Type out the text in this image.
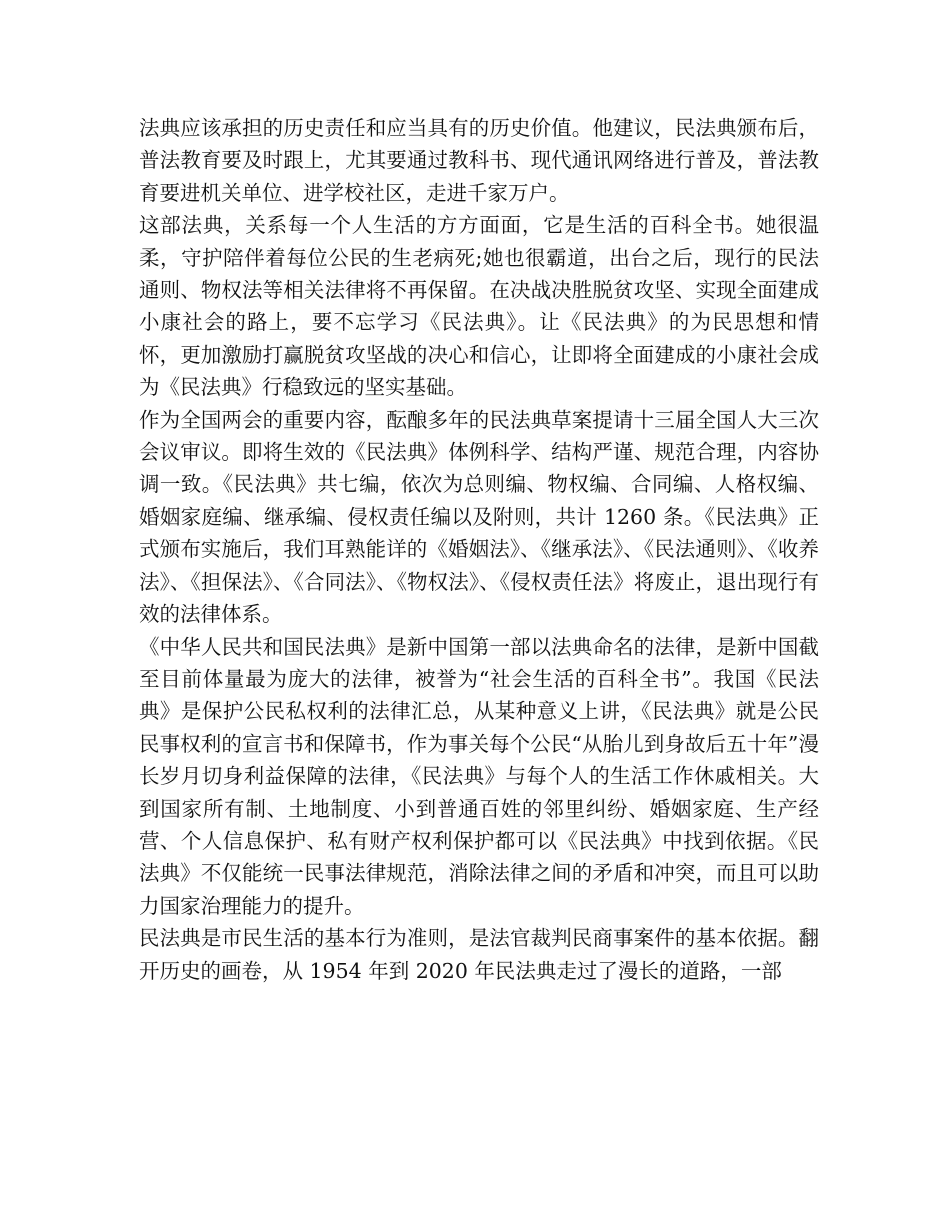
法典应该承担的历史责任和应当具有的历史价值。他建议，民法典颁布后，普法教育要及时跟上，尤其要通过教科书、现代通讯网络进行普及，普法教育要进机关单位、进学校社区，走进千家万户。

这部法典，关系每一个人生活的方方面面，它是生活的百科全书。她很温柔，守护陪伴着每位公民的生老病死;她也很霸道，出台之后，现行的民法通则、物权法等相关法律将不再保留。在决战决胜脱贫攻坚、实现全面建成小康社会的路上，要不忘学习《民法典》。让《民法典》的为民思想和情怀，更加激励打赢脱贫攻坚战的决心和信心，让即将全面建成的小康社会成为《民法典》行稳致远的坚实基础。

作为全国两会的重要内容，酝酿多年的民法典草案提请十三届全国人大三次会议审议。即将生效的《民法典》体例科学、结构严谨、规范合理，内容协调一致。《民法典》共七编，依次为总则编、物权编、合同编、人格权编、婚姻家庭编、继承编、侵权责任编以及附则，共计 1260 条。《民法典》正式颁布实施后，我们耳熟能详的《婚姻法》、《继承法》、《民法通则》、《收养法》、《担保法》、《合同法》、《物权法》、《侵权责任法》将废止，退出现行有效的法律体系。

《中华人民共和国民法典》是新中国第一部以法典命名的法律，是新中国截至目前体量最为庞大的法律，被誉为“社会生活的百科全书”。我国《民法典》是保护公民私权利的法律汇总，从某种意义上讲，《民法典》就是公民民事权利的宣言书和保障书，作为事关每个公民“从胎儿到身故后五十年”漫长岁月切身利益保障的法律，《民法典》与每个人的生活工作休戚相关。大到国家所有制、土地制度、小到普通百姓的邻里纠纷、婚姻家庭、生产经营、个人信息保护、私有财产权利保护都可以《民法典》中找到依据。《民法典》不仅能统一民事法律规范，消除法律之间的矛盾和冲突，而且可以助力国家治理能力的提升。

民法典是市民生活的基本行为准则，是法官裁判民商事案件的基本依据。翻开历史的画卷，从 1954 年到 2020 年民法典走过了漫长的道路，一部
